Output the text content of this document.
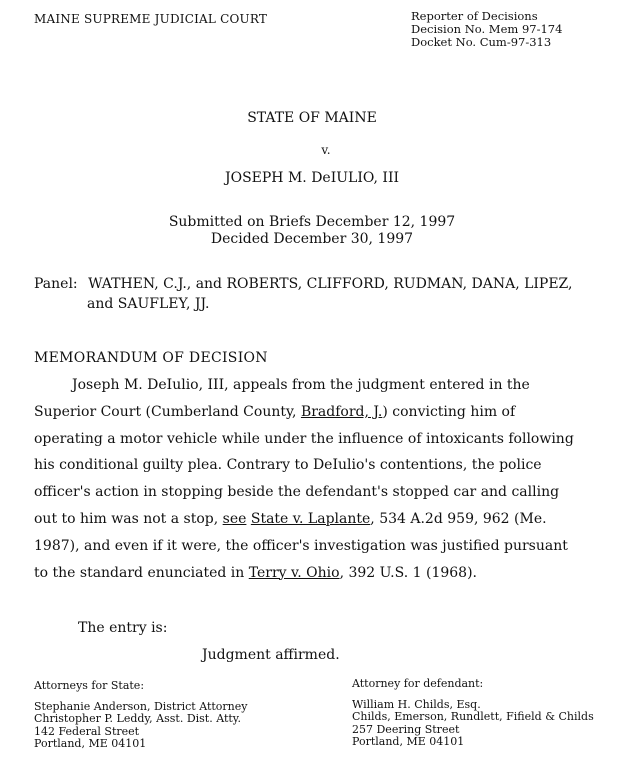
MAINE SUPREME JUDICIAL COURT	Reporter of Decisions
Decision No. Mem 97-174
Docket No. Cum-97-313
STATE OF MAINE
v.
JOSEPH M. DeIULIO, III
Submitted on Briefs December 12, 1997
Decided December 30, 1997
Panel: WATHEN, C.J., and ROBERTS, CLIFFORD, RUDMAN, DANA, LIPEZ,
and SAUFLEY, JJ.
MEMORANDUM OF DECISION
Joseph M. DeIulio, III, appeals from the judgment entered in the
Superior Court (Cumberland County, Bradford, J.) convicting him of
operating a motor vehicle while under the influence of intoxicants following
his conditional guilty plea. Contrary to DeIulio's contentions, the police
officer's action in stopping beside the defendant's stopped car and calling
out to him was not a stop, see State v. Laplante, 534 A.2d 959, 962 (Me.
1987), and even if it were, the officer's investigation was justified pursuant
to the standard enunciated in Terry v. Ohio, 392 U.S. 1 (1968).
The entry is:
Judgment affirmed.
Attorneys for State:
Stephanie Anderson, District Attorney
Christopher P. Leddy, Asst. Dist. Atty.
142 Federal Street
Portland, ME 04101
Attorney for defendant:
William H. Childs, Esq.
Childs, Emerson, Rundlett, Fifield & Childs
257 Deering Street
Portland, ME 04101
